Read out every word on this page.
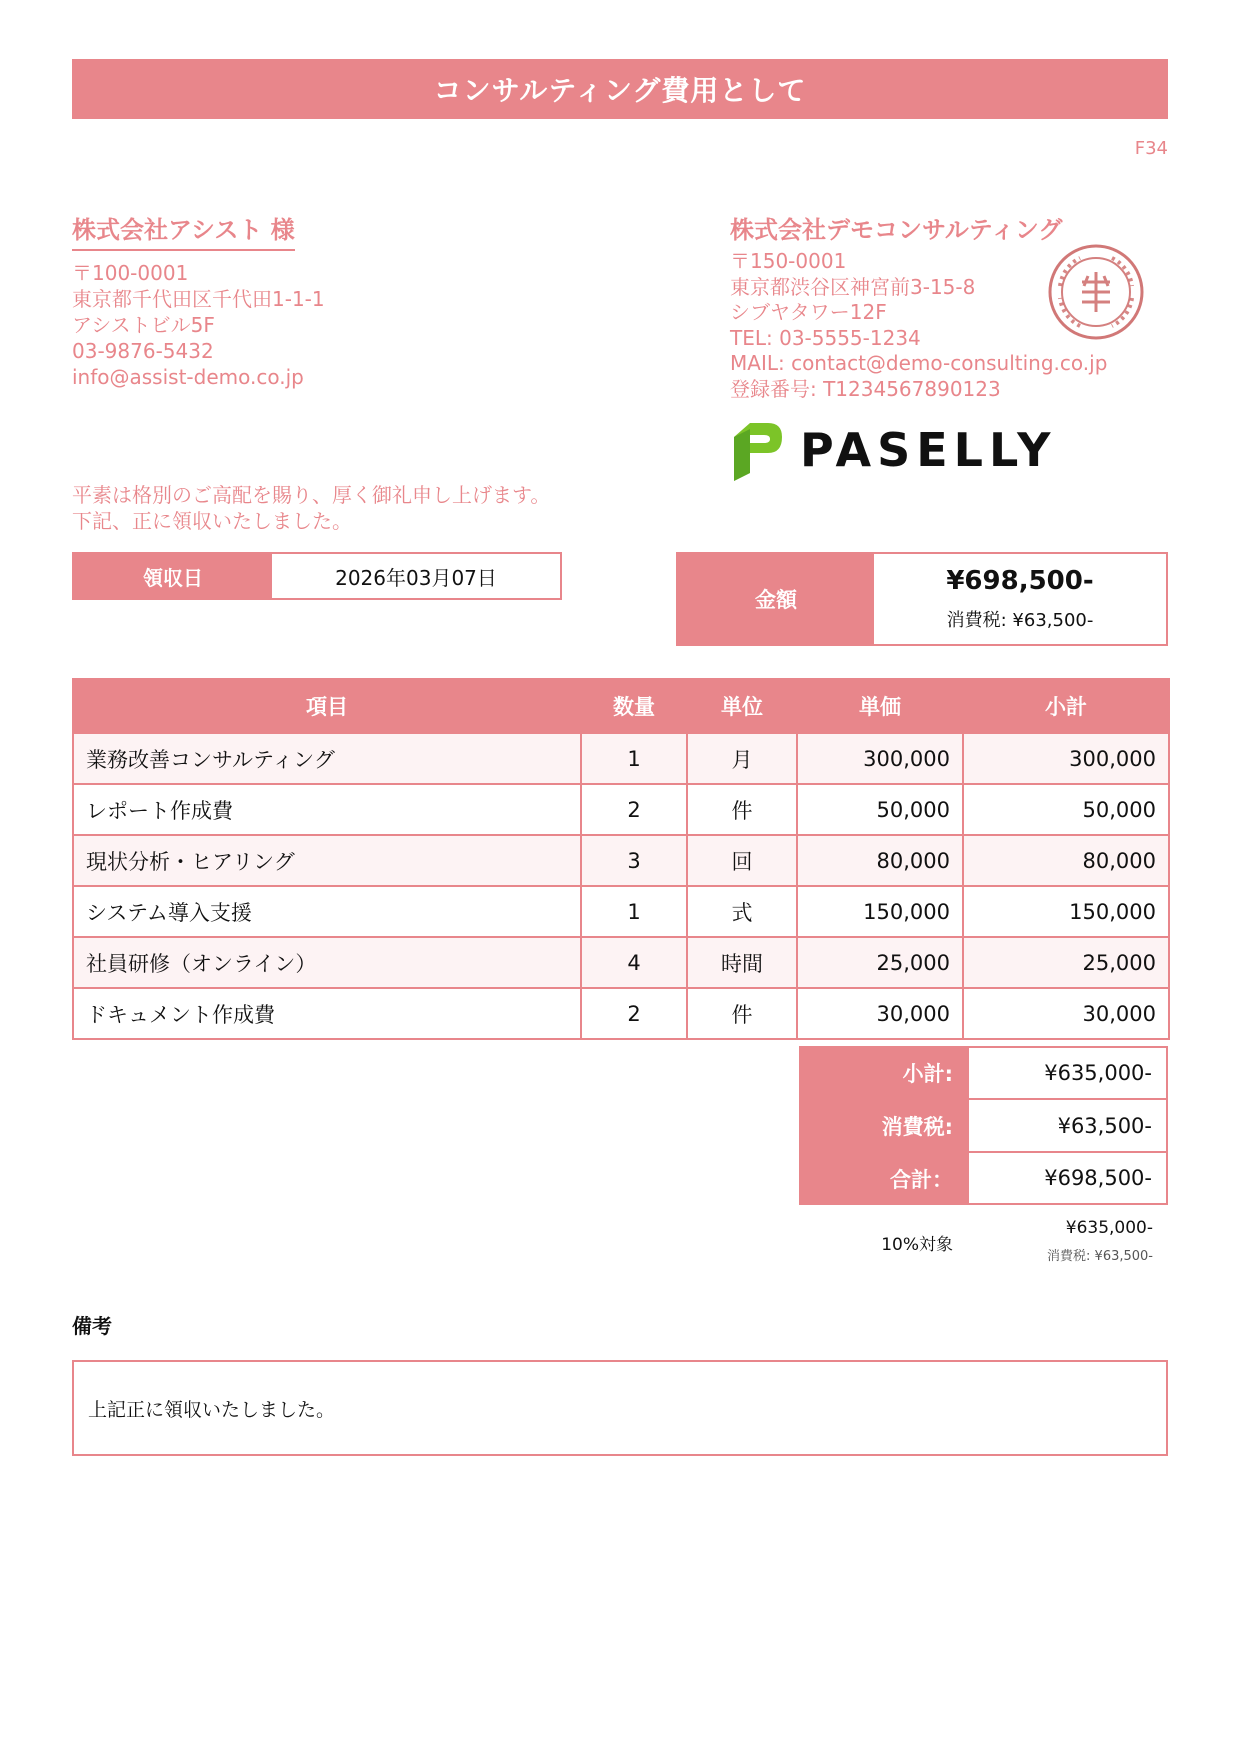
コンサルティング費用として
F34
株式会社アシスト 様
〒100-0001
東京都千代田区千代田1-1-1
アシストビル5F
03-9876-5432
info@assist-demo.co.jp
株式会社デモコンサルティング
〒150-0001
東京都渋谷区神宮前3-15-8
シブヤタワー12F
TEL: 03-5555-1234
MAIL: contact@demo-consulting.co.jp
登録番号: T1234567890123
PASELLY
平素は格別のご高配を賜り、厚く御礼申し上げます。
下記、正に領収いたしました。
領収日	2026年03月07日
金額
¥698,500-
消費税: ¥63,500-
項目	数量	単位	単価	小計
業務改善コンサルティング	1	月	300,000	300,000
レポート作成費	2	件	50,000	50,000
現状分析・ヒアリング	3	回	80,000	80,000
システム導入支援	1	式	150,000	150,000
社員研修（オンライン）	4	時間	25,000	25,000
ドキュメント作成費	2	件	30,000	30,000
小計:	¥635,000-
消費税:	¥63,500-
合計：	¥698,500-
10%対象
¥635,000-
消費税: ¥63,500-
備考
上記正に領収いたしました。
